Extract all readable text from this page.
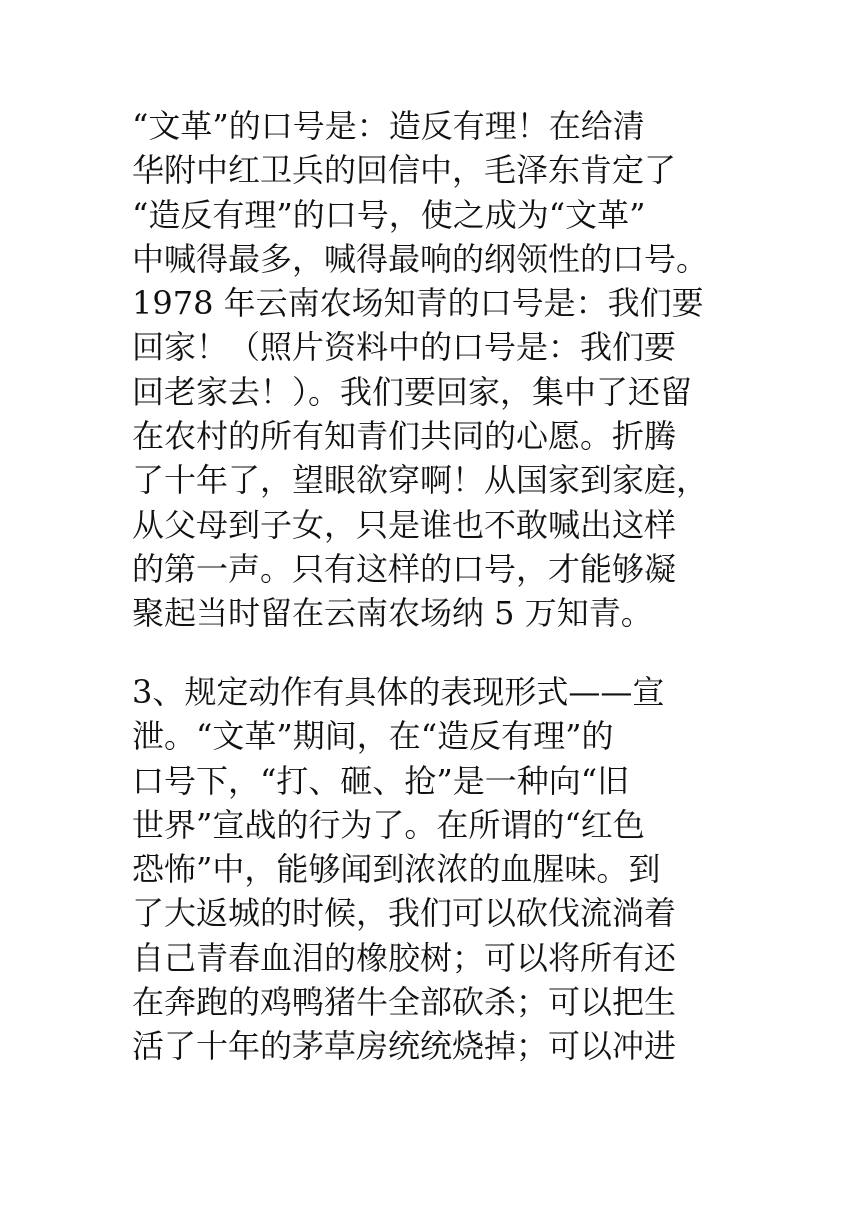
“文革”的口号是：造反有理！在给清
华附中红卫兵的回信中，毛泽东肯定了
“造反有理”的口号，使之成为“文革”
中喊得最多，喊得最响的纲领性的口号。
1978 年云南农场知青的口号是：我们要
回家！（照片资料中的口号是：我们要
回老家去！）。我们要回家，集中了还留
在农村的所有知青们共同的心愿。折腾
了十年了，望眼欲穿啊！从国家到家庭，
从父母到子女，只是谁也不敢喊出这样
的第一声。只有这样的口号，才能够凝
聚起当时留在云南农场纳 5 万知青。
3、规定动作有具体的表现形式——宣
泄。“文革”期间，在“造反有理”的
口号下，“打、砸、抢”是一种向“旧
世界”宣战的行为了。在所谓的“红色
恐怖”中，能够闻到浓浓的血腥味。到
了大返城的时候，我们可以砍伐流淌着
自己青春血泪的橡胶树；可以将所有还
在奔跑的鸡鸭猪牛全部砍杀；可以把生
活了十年的茅草房统统烧掉；可以冲进
